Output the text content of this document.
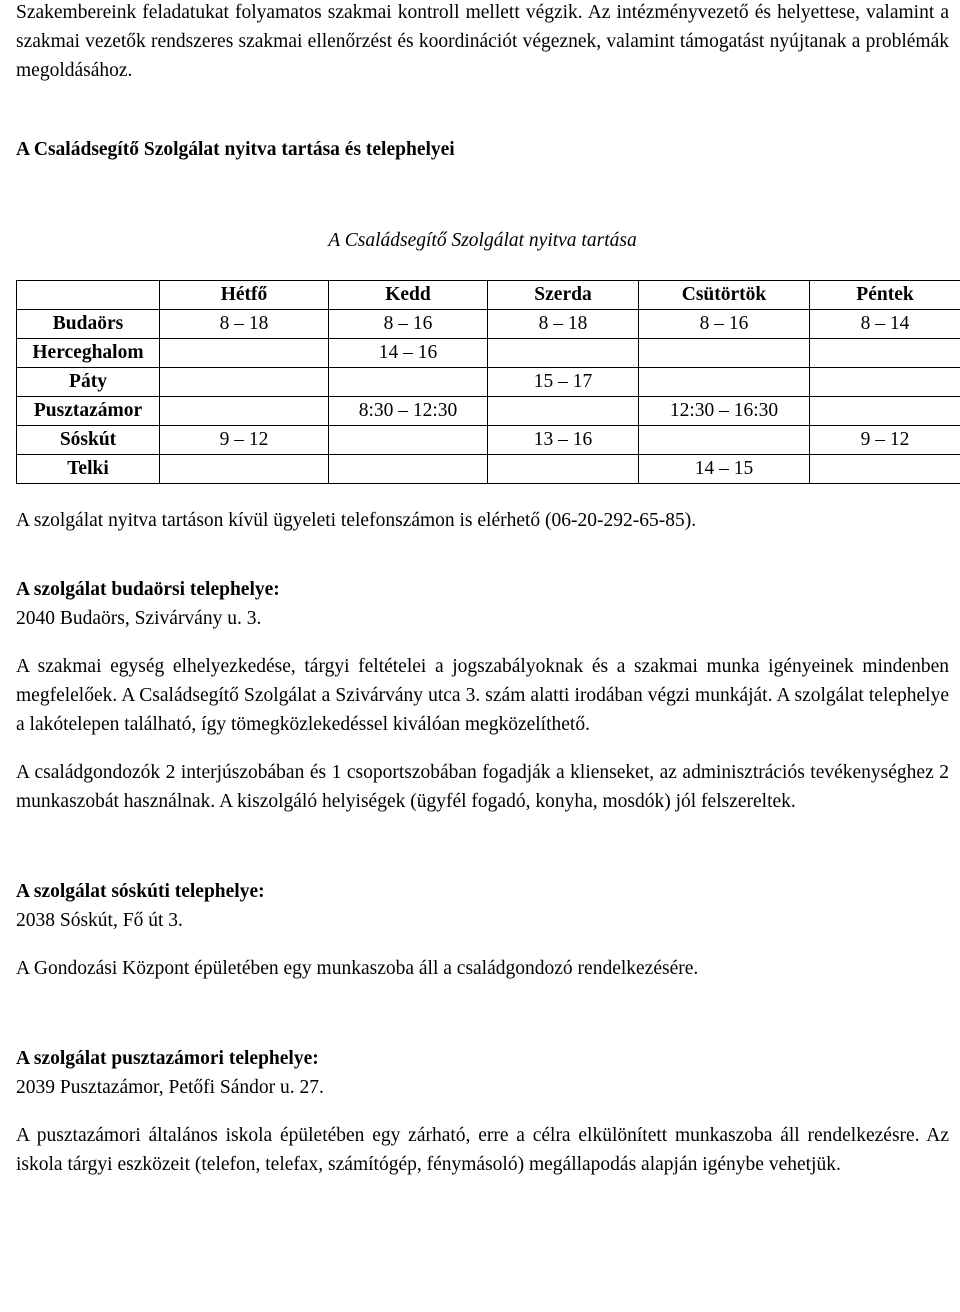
Szakembereink feladatukat folyamatos szakmai kontroll mellett végzik. Az intézményvezető és helyettese, valamint a szakmai vezetők rendszeres szakmai ellenőrzést és koordinációt végeznek, valamint támogatást nyújtanak a problémák megoldásához.

A Családsegítő Szolgálat nyitva tartása és telephelyei

A Családsegítő Szolgálat nyitva tartása

	Hétfő	Kedd	Szerda	Csütörtök	Péntek
Budaörs	8 – 18	8 – 16	8 – 18	8 – 16	8 – 14
Herceghalom		14 – 16			
Páty			15 – 17		
Pusztazámor		8:30 – 12:30		12:30 – 16:30	
Sóskút	9 – 12		13 – 16		9 – 12
Telki				14 – 15	

A szolgálat nyitva tartáson kívül ügyeleti telefonszámon is elérhető (06-20-292-65-85).

A szolgálat budaörsi telephelye:

2040 Budaörs, Szivárvány u. 3.

A szakmai egység elhelyezkedése, tárgyi feltételei a jogszabályoknak és a szakmai munka igényeinek mindenben megfelelőek. A Családsegítő Szolgálat a Szivárvány utca 3. szám alatti irodában végzi munkáját. A szolgálat telephelye a lakótelepen található, így tömegközlekedéssel kiválóan megközelíthető.

A családgondozók 2 interjúszobában és 1 csoportszobában fogadják a klienseket, az adminisztrációs tevékenységhez 2 munkaszobát használnak. A kiszolgáló helyiségek (ügyfél fogadó, konyha, mosdók) jól felszereltek.

A szolgálat sóskúti telephelye:

2038 Sóskút, Fő út 3.

A Gondozási Központ épületében egy munkaszoba áll a családgondozó rendelkezésére.

A szolgálat pusztazámori telephelye:

2039 Pusztazámor, Petőfi Sándor u. 27.

A pusztazámori általános iskola épületében egy zárható, erre a célra elkülönített munkaszoba áll rendelkezésre. Az iskola tárgyi eszközeit (telefon, telefax, számítógép, fénymásoló) megállapodás alapján igénybe vehetjük.
